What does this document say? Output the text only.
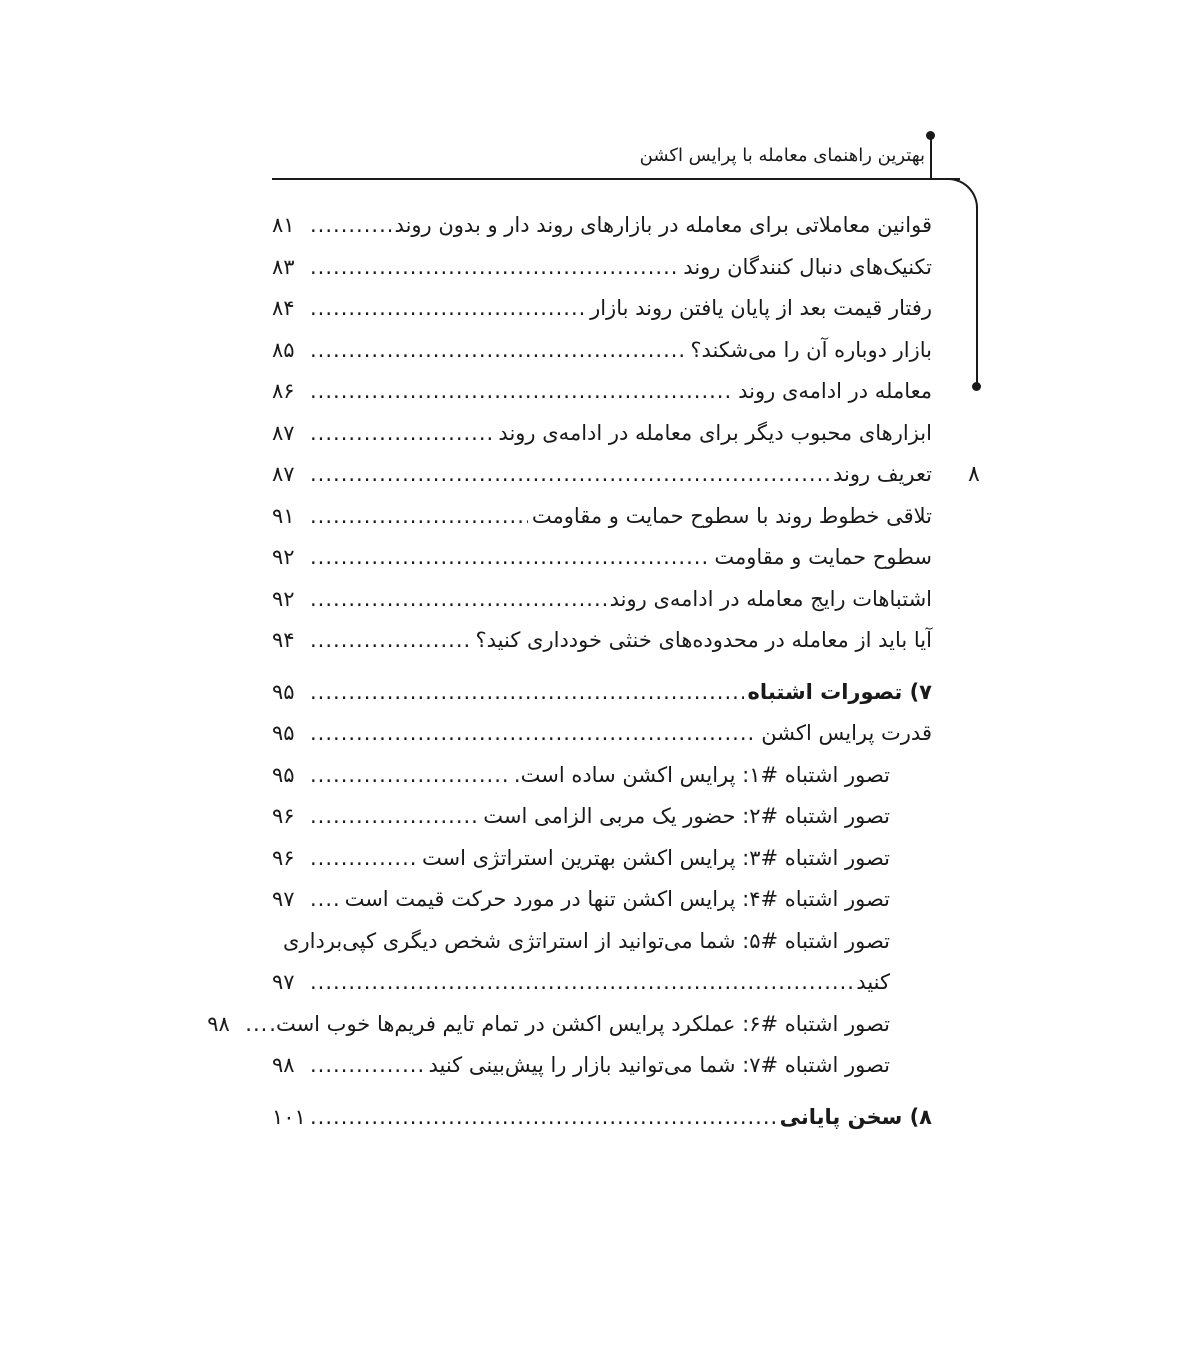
بهترین راهنمای معامله با پرایس اکشن
۸
قوانین معاملاتی برای معامله در بازارهای روند دار و بدون روند
.....
۸۱
تکنیک‌های دنبال کنندگان روند
.....
۸۳
رفتار قیمت بعد از پایان یافتن روند بازار
.....
۸۴
بازار دوباره آن را می‌شکند؟
.....
۸۵
معامله در ادامه‌ی روند
.....
۸۶
ابزارهای محبوب دیگر برای معامله در ادامه‌ی روند
.....
۸۷
تعریف روند
.....
۸۷
تلاقی خطوط روند با سطوح حمایت و مقاومت
.....
۹۱
سطوح حمایت و مقاومت
.....
۹۲
اشتباهات رایج معامله در ادامه‌ی روند
.....
۹۲
آیا باید از معامله در محدوده‌های خنثی خودداری کنید؟
.....
۹۴
۷) تصورات اشتباه
.....
۹۵
قدرت پرایس اکشن
.....
۹۵
تصور اشتباه #۱: پرایس اکشن ساده است.
.....
۹۵
تصور اشتباه #۲: حضور یک مربی الزامی است
.....
۹۶
تصور اشتباه #۳: پرایس اکشن بهترین استراتژی است
.....
۹۶
تصور اشتباه #۴: پرایس اکشن تنها در مورد حرکت قیمت است
.....
۹۷
تصور اشتباه #۵: شما می‌توانید از استراتژی شخص دیگری کپی‌برداری
کنید
.....
۹۷
تصور اشتباه #۶: عملکرد پرایس اکشن در تمام تایم فریم‌ها خوب است.
.....
۹۸
تصور اشتباه #۷: شما می‌توانید بازار را پیش‌بینی کنید
.....
۹۸
۸) سخن پایانی
.....
۱۰۱
